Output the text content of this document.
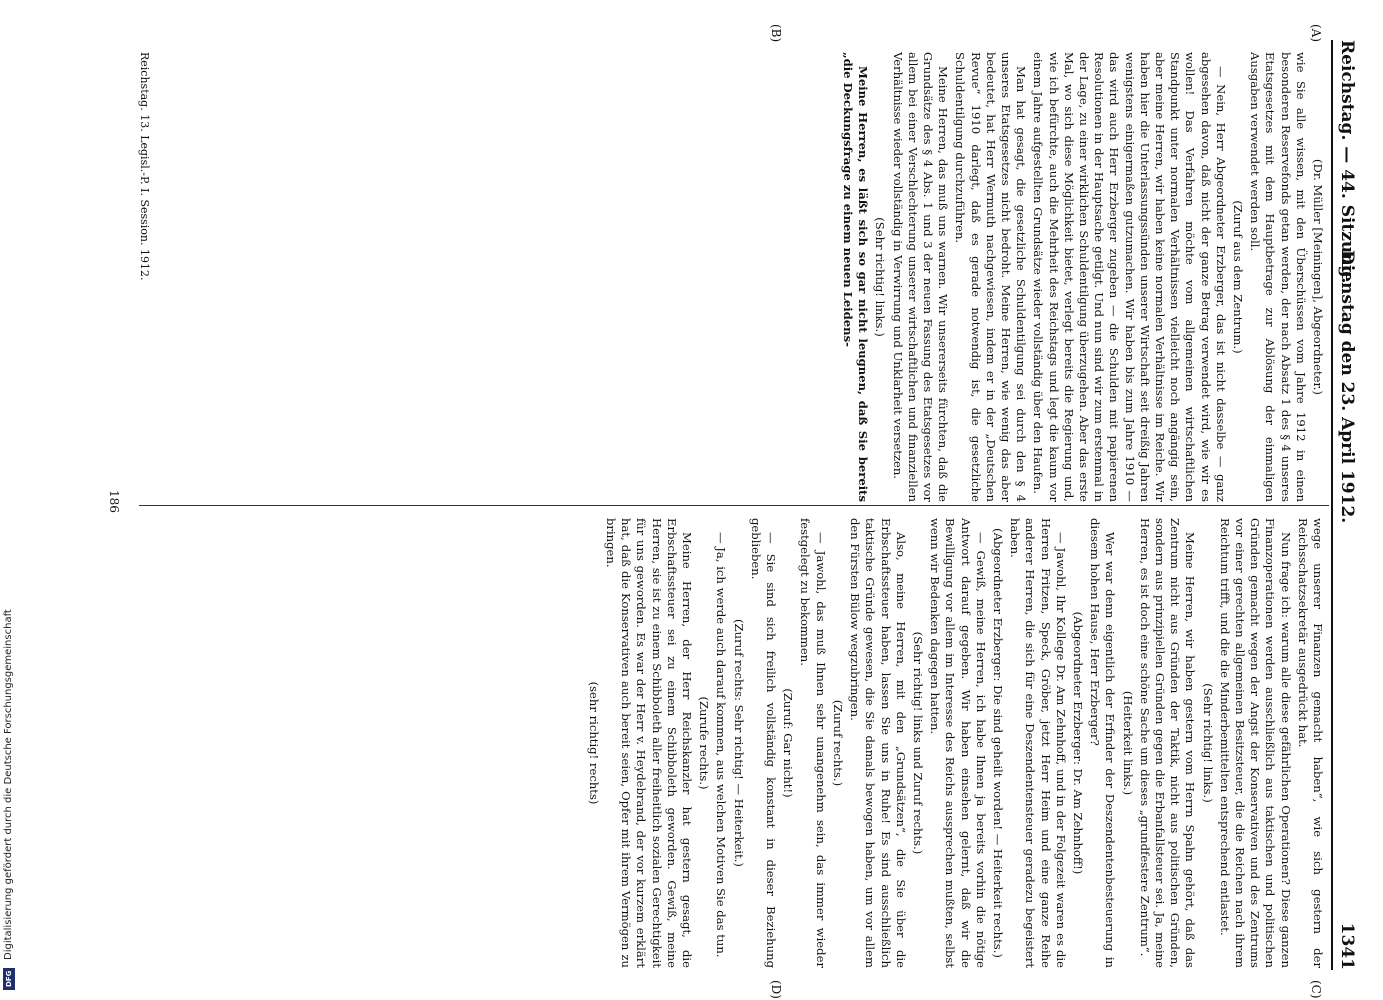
Digitalisierung gefördert durch die Deutsche Forschungsgemeinschaft
DFG
Reichstag. — 44. Sitzung.
Dienstag den 23. April 1912.
1341
(A)
(B)
(C)
(D)

(Dr. Müller [Meiningen], Abgeordneter.)

wie Sie alle wissen, mit den Überschüssen vom Jahre 1912 in einen besonderen Reservefonds getan werden, der nach Absatz 1 des § 4 unseres Etatsgesetzes mit dem Hauptbetrage zur Ablösung der einmaligen Ausgaben verwendet werden soll.

(Zuruf aus dem Zentrum.)

— Nein, Herr Abgeordneter Erzberger, das ist nicht dasselbe — ganz abgesehen davon, daß nicht der ganze Betrag verwendet wird, wie wir es wollen! Das Verfahren möchte vom allgemeinen wirtschaftlichen Standpunkt unter normalen Verhältnissen vielleicht noch angängig sein, aber meine Herren, wir haben keine normalen Verhältnisse im Reiche. Wir haben hier die Unterlassungssünden unserer Wirtschaft seit dreißig Jahren wenigstens einigermaßen gutzumachen. Wir haben bis zum Jahre 1910 — das wird auch Herr Erzberger zugeben — die Schulden mit papierenen Resolutionen in der Hauptsache getilgt. Und nun sind wir zum erstenmal in der Lage, zu einer wirklichen Schuldentilgung überzugehen. Aber das erste Mal, wo sich diese Möglichkeit bietet, verlegt bereits die Regierung und, wie ich befürchte, auch die Mehrheit des Reichstags und legt die kaum vor einem Jahre aufgestellten Grundsätze wieder vollständig über den Haufen.

Man hat gesagt, die gesetzliche Schuldentilgung sei durch den § 4 unseres Etatsgesetzes nicht bedroht. Meine Herren, wie wenig das aber bedeutet, hat Herr Wermuth nachgewiesen, indem er in der „Deutschen Revue“ 1910 darlegt, daß es gerade notwendig ist, die gesetzliche Schuldentilgung durchzuführen.

Meine Herren, das muß uns warnen. Wir unsererseits fürchten, daß die Grundsätze des § 4 Abs. 1 und 3 der neuen Fassung des Etatsgesetzes vor allem bei einer Verschlechterung unserer wirtschaftlichen und finanziellen Verhältnisse wieder vollständig in Verwirrung und Unklarheit versetzen.

(Sehr richtig! links.)

Meine Herren, es läßt sich so gar nicht leugnen, daß Sie bereits „die Deckungsfrage zu einem neuen Leidens-

wege unserer Finanzen gemacht haben“, wie sich gestern der Reichsschatzsekretär ausgedrückt hat.

Nun frage ich: warum alle diese gefährlichen Operationen? Diese ganzen Finanzoperationen werden ausschließlich aus taktischen und politischen Gründen gemacht wegen der Angst der Konservativen und des Zentrums vor einer gerechten allgemeinen Besitzsteuer, die die Reichen nach ihrem Reichtum trifft, und die die Minderbemittelten entsprechend entlastet.

(Sehr richtig! links.)

Meine Herren, wir haben gestern vom Herrn Spahn gehört, daß das Zentrum nicht aus Gründen der Taktik, nicht aus politischen Gründen, sondern aus prinzipiellen Gründen gegen die Erbanfallsteuer sei. Ja, meine Herren, es ist doch eine schöne Sache um dieses „grundfestere Zentrum“.

(Heiterkeit links.)

Wer war denn eigentlich der Erfinder der Deszendentenbesteuerung in diesem hohen Hause, Herr Erzberger?

(Abgeordneter Erzberger: Dr. Am Zehnhoff!)

— Jawohl, Ihr Kollege Dr. Am Zehnhoff, und in der Folgezeit waren es die Herren Fritzen, Speck, Gröber, jetzt Herr Heim und eine ganze Reihe anderer Herren, die sich für eine Deszendentensteuer geradezu begeistert haben.

(Abgeordneter Erzberger: Die sind geheilt worden! — Heiterkeit rechts.)

— Gewiß, meine Herren, ich habe Ihnen ja bereits vorhin die nötige Antwort darauf gegeben. Wir haben einsehen gelernt, daß wir die Bewilligung vor allem im Interesse des Reichs aussprechen mußten, selbst wenn wir Bedenken dagegen hatten.

(Sehr richtig! links und Zuruf rechts.)

Also, meine Herren, mit den „Grundsätzen“, die Sie über die Erbschaftssteuer haben, lassen Sie uns in Ruhe! Es sind ausschließlich taktische Gründe gewesen, die Sie damals bewogen haben, um vor allem den Fürsten Bülow wegzubringen.

(Zuruf rechts.)

— Jawohl, das muß Ihnen sehr unangenehm sein, das immer wieder festgelegt zu bekommen.

(Zuruf: Gar nicht!)

— Sie sind sich freilich vollständig konstant in dieser Beziehung geblieben.

(Zuruf rechts: Sehr richtig! — Heiterkeit.)

— Ja, ich werde auch darauf kommen, aus welchen Motiven Sie das tun.

(Zurufe rechts.)

Meine Herren, der Herr Reichskanzler hat gestern gesagt, die Erbschaftssteuer sei zu einem Schibboleth geworden. Gewiß, meine Herren, sie ist zu einem Schibboleth aller freiheitlich sozialen Gerechtigkeit für uns geworden. Es war der Herr v. Heydebrand, der vor kurzem erklärt hat, daß die Konservativen auch bereit seien, Opfer mit ihrem Vermögen zu bringen.

(sehr richtig! rechts)

Reichstag. 13. Legisl.-P. I. Session. 1912.
186
